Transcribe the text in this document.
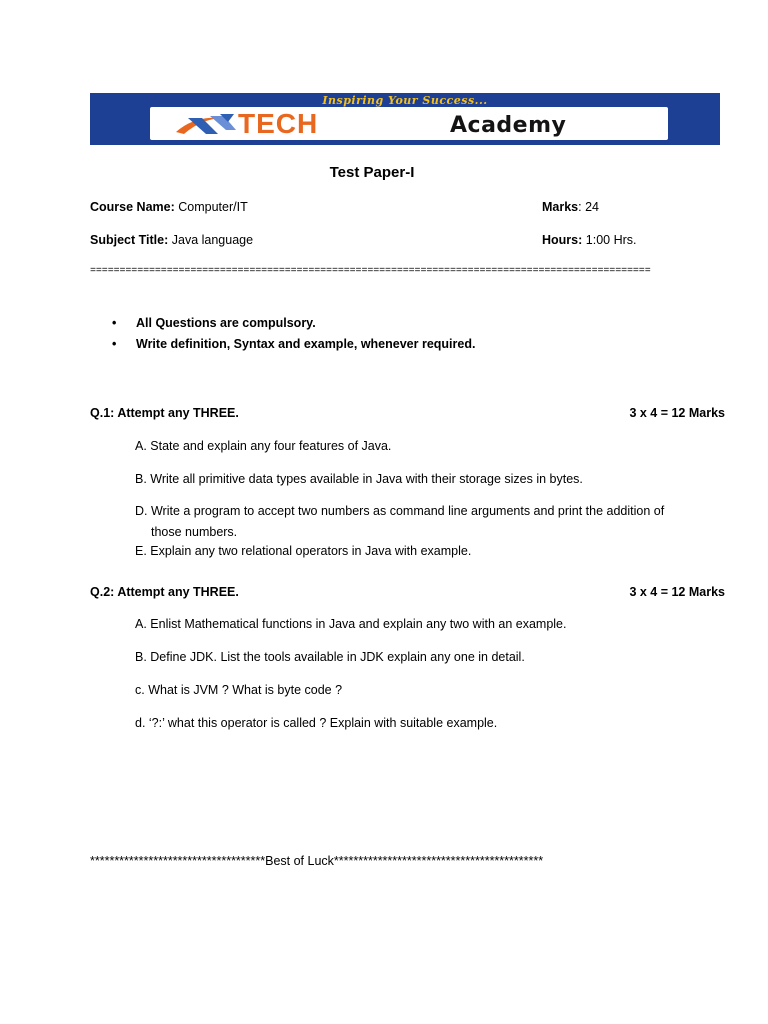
Inspiring Your Success...
TECH	Academy
Test Paper-I
Course Name: Computer/IT	Marks: 24
Subject Title: Java language	Hours: 1:00 Hrs.
===============================================================================================
• All Questions are compulsory.
• Write definition, Syntax and example, whenever required.
Q.1: Attempt any THREE.	3 x 4 = 12 Marks
A. State and explain any four features of Java.
B. Write all primitive data types available in Java with their storage sizes in bytes.
D. Write a program to accept two numbers as command line arguments and print the addition of
those numbers.
E. Explain any two relational operators in Java with example.
Q.2: Attempt any THREE.	3 x 4 = 12 Marks
A. Enlist Mathematical functions in Java and explain any two with an example.
B. Define JDK. List the tools available in JDK explain any one in detail.
c. What is JVM ? What is byte code ?
d. ‘?:’ what this operator is called ? Explain with suitable example.
************************************Best of Luck*******************************************
